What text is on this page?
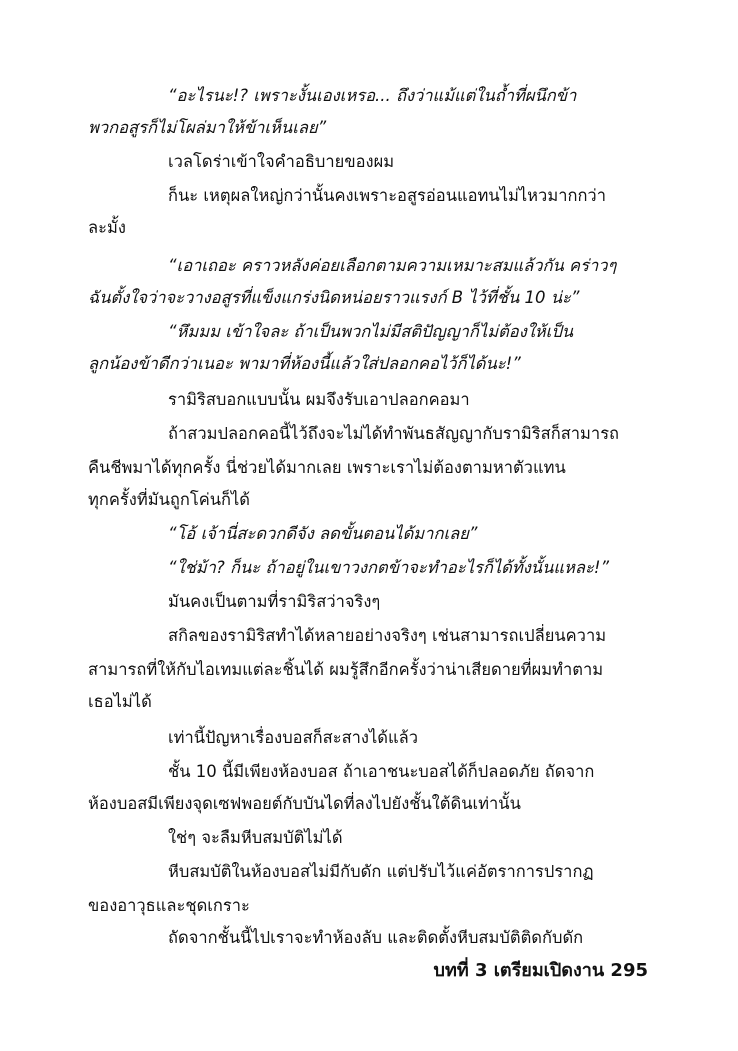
“อะไรนะ!? เพราะงั้นเองเหรอ... ถึงว่าแม้แต่ในถ้ำที่ผนึกข้า
พวกอสูรก็ไม่โผล่มาให้ข้าเห็นเลย”
เวลโดร่าเข้าใจคำอธิบายของผม
ก็นะ เหตุผลใหญ่กว่านั้นคงเพราะอสูรอ่อนแอทนไม่ไหวมากกว่า
ละมั้ง
“เอาเถอะ คราวหลังค่อยเลือกตามความเหมาะสมแล้วกัน คร่าวๆ
ฉันตั้งใจว่าจะวางอสูรที่แข็งแกร่งนิดหน่อยราวแรงก์ B ไว้ที่ชั้น 10 น่ะ”
“หึมมม เข้าใจละ ถ้าเป็นพวกไม่มีสติปัญญาก็ไม่ต้องให้เป็น
ลูกน้องข้าดีกว่าเนอะ พามาที่ห้องนี้แล้วใส่ปลอกคอไว้ก็ได้นะ!”
รามิริสบอกแบบนั้น ผมจึงรับเอาปลอกคอมา
ถ้าสวมปลอกคอนี้ไว้ถึงจะไม่ได้ทำพันธสัญญากับรามิริสก็สามารถ
คืนชีพมาได้ทุกครั้ง นี่ช่วยได้มากเลย เพราะเราไม่ต้องตามหาตัวแทน
ทุกครั้งที่มันถูกโค่นก็ได้
“โอ้ เจ้านี่สะดวกดีจัง ลดขั้นตอนได้มากเลย”
“ใช่ม้า? ก็นะ ถ้าอยู่ในเขาวงกตข้าจะทำอะไรก็ได้ทั้งนั้นแหละ!”
มันคงเป็นตามที่รามิริสว่าจริงๆ
สกิลของรามิริสทำได้หลายอย่างจริงๆ เช่นสามารถเปลี่ยนความ
สามารถที่ให้กับไอเทมแต่ละชิ้นได้ ผมรู้สึกอีกครั้งว่าน่าเสียดายที่ผมทำตาม
เธอไม่ได้
เท่านี้ปัญหาเรื่องบอสก็สะสางได้แล้ว
ชั้น 10 นี้มีเพียงห้องบอส ถ้าเอาชนะบอสได้ก็ปลอดภัย ถัดจาก
ห้องบอสมีเพียงจุดเซฟพอยต์กับบันไดที่ลงไปยังชั้นใต้ดินเท่านั้น
ใช่ๆ จะลืมหีบสมบัติไม่ได้
หีบสมบัติในห้องบอสไม่มีกับดัก แต่ปรับไว้แค่อัตราการปรากฏ
ของอาวุธและชุดเกราะ
ถัดจากชั้นนี้ไปเราจะทำห้องลับ และติดตั้งหีบสมบัติติดกับดัก
บทที่ 3 เตรียมเปิดงาน 295
